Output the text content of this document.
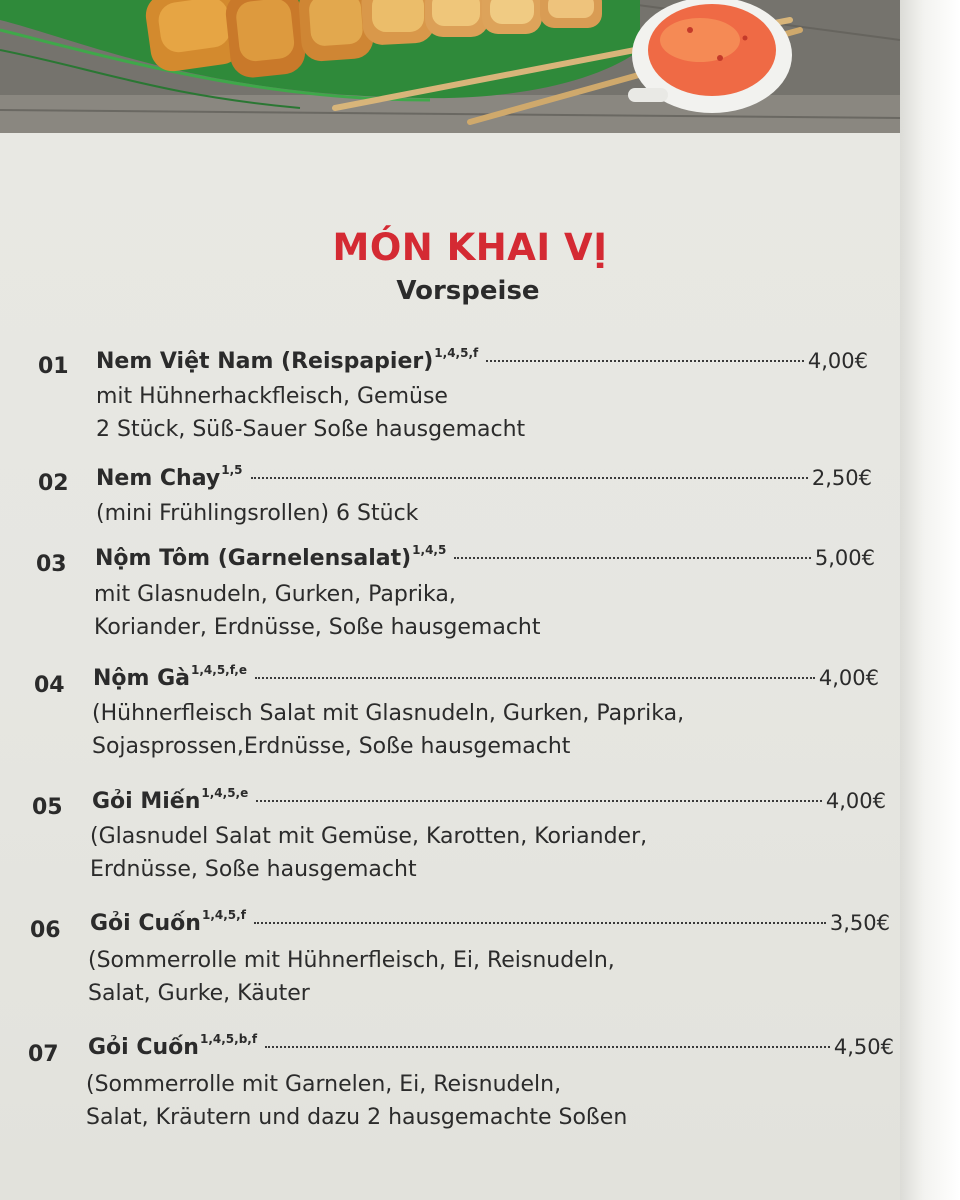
MÓN KHAI VỊ
Vorspeise
01 Nem Việt Nam (Reispapier) 1,4,5,f	4,00€
mit Hühnerhackfleisch, Gemüse
2 Stück, Süß-Sauer Soße hausgemacht
02 Nem Chay 1,5	2,50€
(mini Frühlingsrollen) 6 Stück
03 Nộm Tôm (Garnelensalat) 1,4,5	5,00€
mit Glasnudeln, Gurken, Paprika,
Koriander, Erdnüsse, Soße hausgemacht
04 Nộm Gà 1,4,5,f,e	4,00€
(Hühnerfleisch Salat mit Glasnudeln, Gurken, Paprika,
Sojasprossen,Erdnüsse, Soße hausgemacht
05 Gỏi Miến 1,4,5,e	4,00€
(Glasnudel Salat mit Gemüse, Karotten, Koriander,
Erdnüsse, Soße hausgemacht
06 Gỏi Cuốn 1,4,5,f	3,50€
(Sommerrolle mit Hühnerfleisch, Ei, Reisnudeln,
Salat, Gurke, Käuter
07 Gỏi Cuốn 1,4,5,b,f	4,50€
(Sommerrolle mit Garnelen, Ei, Reisnudeln,
Salat, Kräutern und dazu 2 hausgemachte Soßen
